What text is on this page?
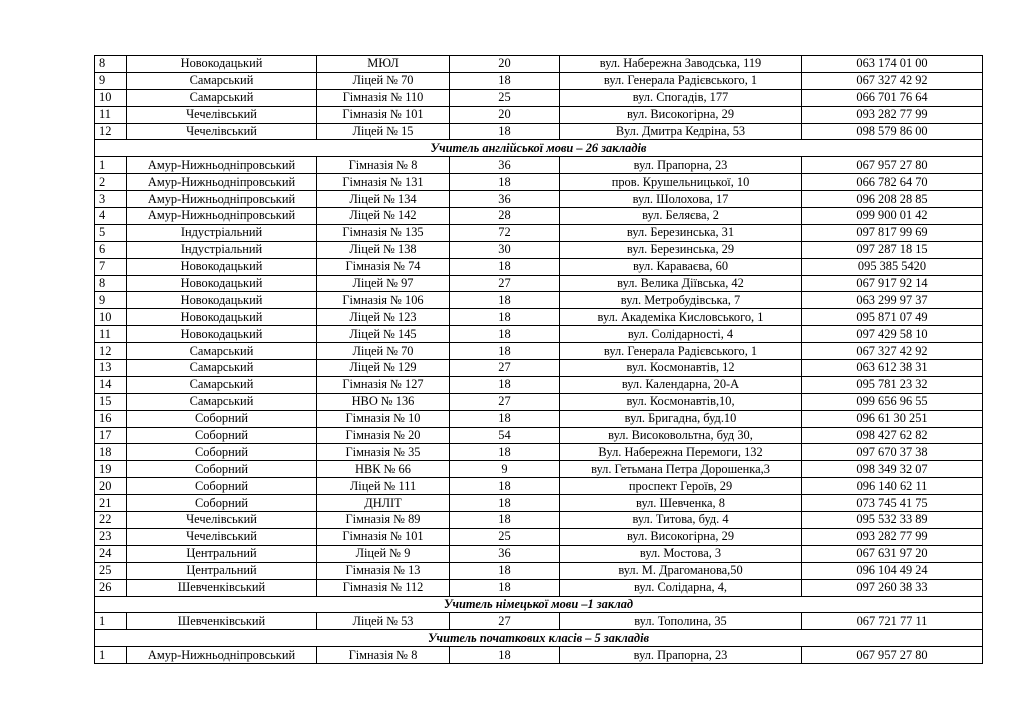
8	Новокодацький	МЮЛ	20	вул. Набережна Заводська, 119	063 174 01 00
9	Самарський	Ліцей № 70	18	вул. Генерала Радієвського, 1	067 327 42 92
10	Самарський	Гімназія № 110	25	вул. Спогадів, 177	066 701 76 64
11	Чечелівський	Гімназія № 101	20	вул. Високогірна, 29	093 282 77 99
12	Чечелівський	Ліцей № 15	18	Вул. Дмитра Кедріна, 53	098 579 86 00
Учитель англійської мови – 26 закладів					
1	Амур-Нижньодніпровський	Гімназія № 8	36	вул. Прапорна, 23	067 957 27 80
2	Амур-Нижньодніпровський	Гімназія № 131	18	пров. Крушельницької, 10	066 782 64 70
3	Амур-Нижньодніпровський	Ліцей № 134	36	вул. Шолохова, 17	096 208 28 85
4	Амур-Нижньодніпровський	Ліцей № 142	28	вул. Беляєва, 2	099 900 01 42
5	Індустріальний	Гімназія № 135	72	вул. Березинська, 31	097 817 99 69
6	Індустріальний	Ліцей № 138	30	вул. Березинська, 29	097 287 18 15
7	Новокодацький	Гімназія № 74	18	вул. Караваєва, 60	095 385 5420
8	Новокодацький	Ліцей № 97	27	вул. Велика Діївська, 42	067 917 92 14
9	Новокодацький	Гімназія № 106	18	вул. Метробудівська, 7	063 299 97 37
10	Новокодацький	Ліцей № 123	18	вул. Академіка Кисловського, 1	095 871 07 49
11	Новокодацький	Ліцей № 145	18	вул. Солідарності, 4	097 429 58 10
12	Самарський	Ліцей № 70	18	вул. Генерала Радієвського, 1	067 327 42 92
13	Самарський	Ліцей № 129	27	вул. Космонавтів, 12	063 612 38 31
14	Самарський	Гімназія № 127	18	вул. Календарна, 20-А	095 781 23 32
15	Самарський	НВО № 136	27	вул. Космонавтів,10,	099 656 96 55
16	Соборний	Гімназія № 10	18	вул. Бригадна, буд.10	096 61 30 251
17	Соборний	Гімназія № 20	54	вул. Високовольтна, буд 30,	098 427 62 82
18	Соборний	Гімназія № 35	18	Вул. Набережна Перемоги, 132	097 670 37 38
19	Соборний	НВК № 66	9	вул. Гетьмана Петра Дорошенка,3	098 349 32 07
20	Соборний	Ліцей № 111	18	проспект Героїв, 29	096 140 62 11
21	Соборний	ДНЛІТ	18	вул. Шевченка, 8	073 745 41 75
22	Чечелівський	Гімназія № 89	18	вул. Титова, буд. 4	095 532 33 89
23	Чечелівський	Гімназія № 101	25	вул. Високогірна, 29	093 282 77 99
24	Центральний	Ліцей № 9	36	вул. Мостова, 3	067 631 97 20
25	Центральний	Гімназія № 13	18	вул. М. Драгоманова,50	096 104 49 24
26	Шевченківський	Гімназія № 112	18	вул. Солідарна, 4,	097 260 38 33
Учитель німецької мови –1 заклад					
1	Шевченківський	Ліцей № 53	27	вул. Тополина, 35	067 721 77 11
Учитель початкових класів – 5 закладів					
1	Амур-Нижньодніпровський	Гімназія № 8	18	вул. Прапорна, 23	067 957 27 80
